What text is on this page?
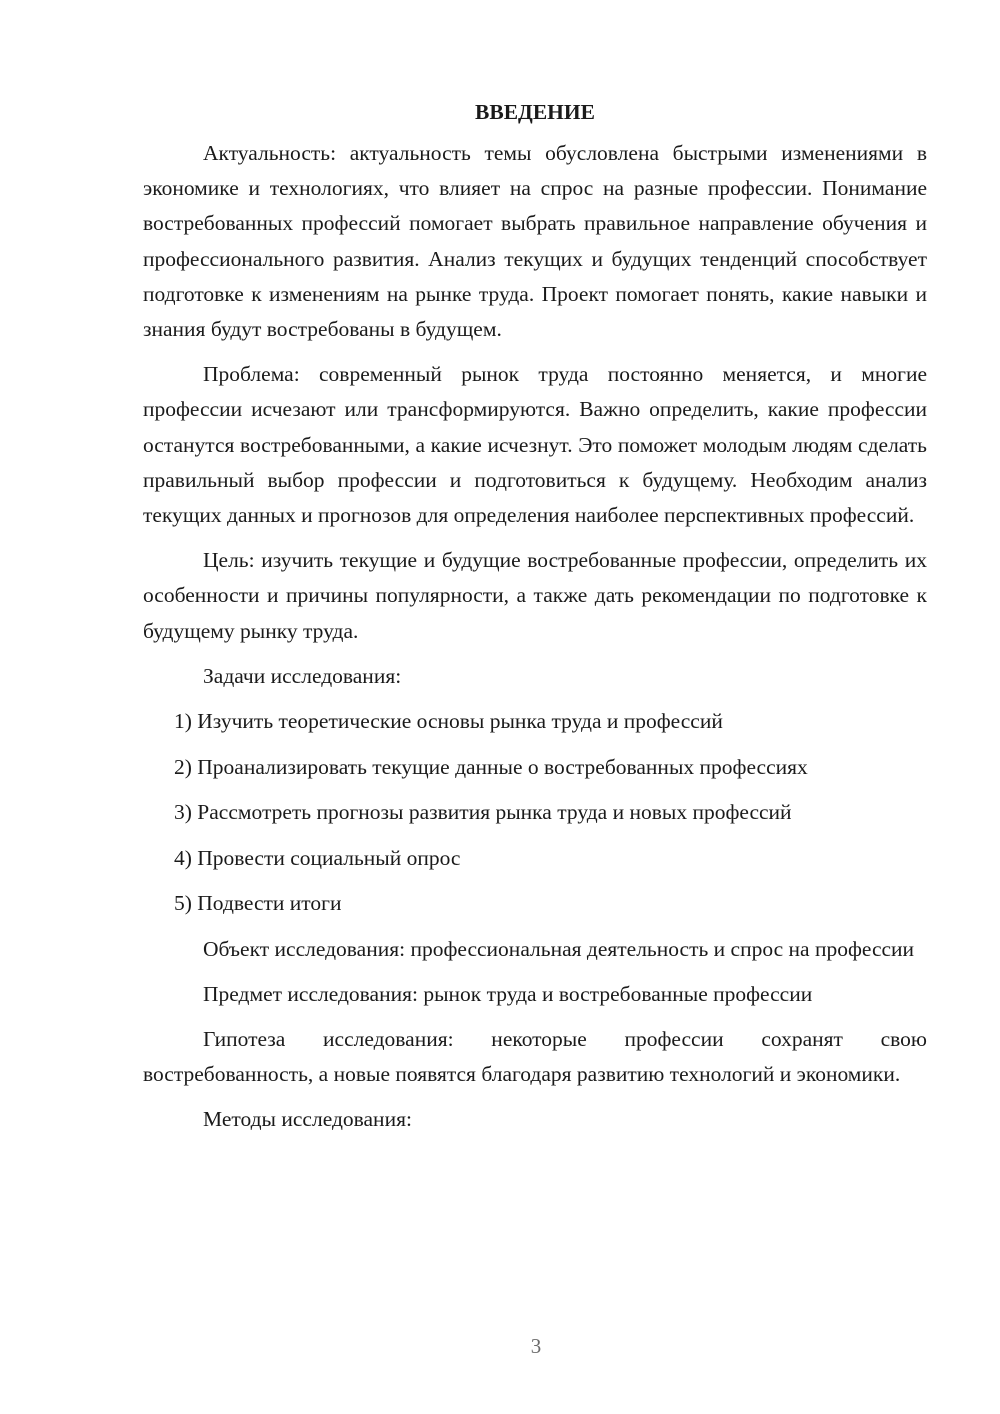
ВВЕДЕНИЕ

Актуальность: актуальность темы обусловлена быстрыми изменениями в экономике и технологиях, что влияет на спрос на разные профессии. Понимание востребованных профессий помогает выбрать правильное направление обучения и профессионального развития. Анализ текущих и будущих тенденций способствует подготовке к изменениям на рынке труда. Проект помогает понять, какие навыки и знания будут востребованы в будущем.

Проблема: современный рынок труда постоянно меняется, и многие профессии исчезают или трансформируются. Важно определить, какие профессии останутся востребованными, а какие исчезнут. Это поможет молодым людям сделать правильный выбор профессии и подготовиться к будущему. Необходим анализ текущих данных и прогнозов для определения наиболее перспективных профессий.

Цель: изучить текущие и будущие востребованные профессии, определить их особенности и причины популярности, а также дать рекомендации по подготовке к будущему рынку труда.

Задачи исследования:

1) Изучить теоретические основы рынка труда и профессий
2) Проанализировать текущие данные о востребованных профессиях
3) Рассмотреть прогнозы развития рынка труда и новых профессий
4) Провести социальный опрос
5) Подвести итоги

Объект исследования: профессиональная деятельность и спрос на профессии

Предмет исследования: рынок труда и востребованные профессии

Гипотеза исследования: некоторые профессии сохранят свою востребованность, а новые появятся благодаря развитию технологий и экономики.

Методы исследования:

3
